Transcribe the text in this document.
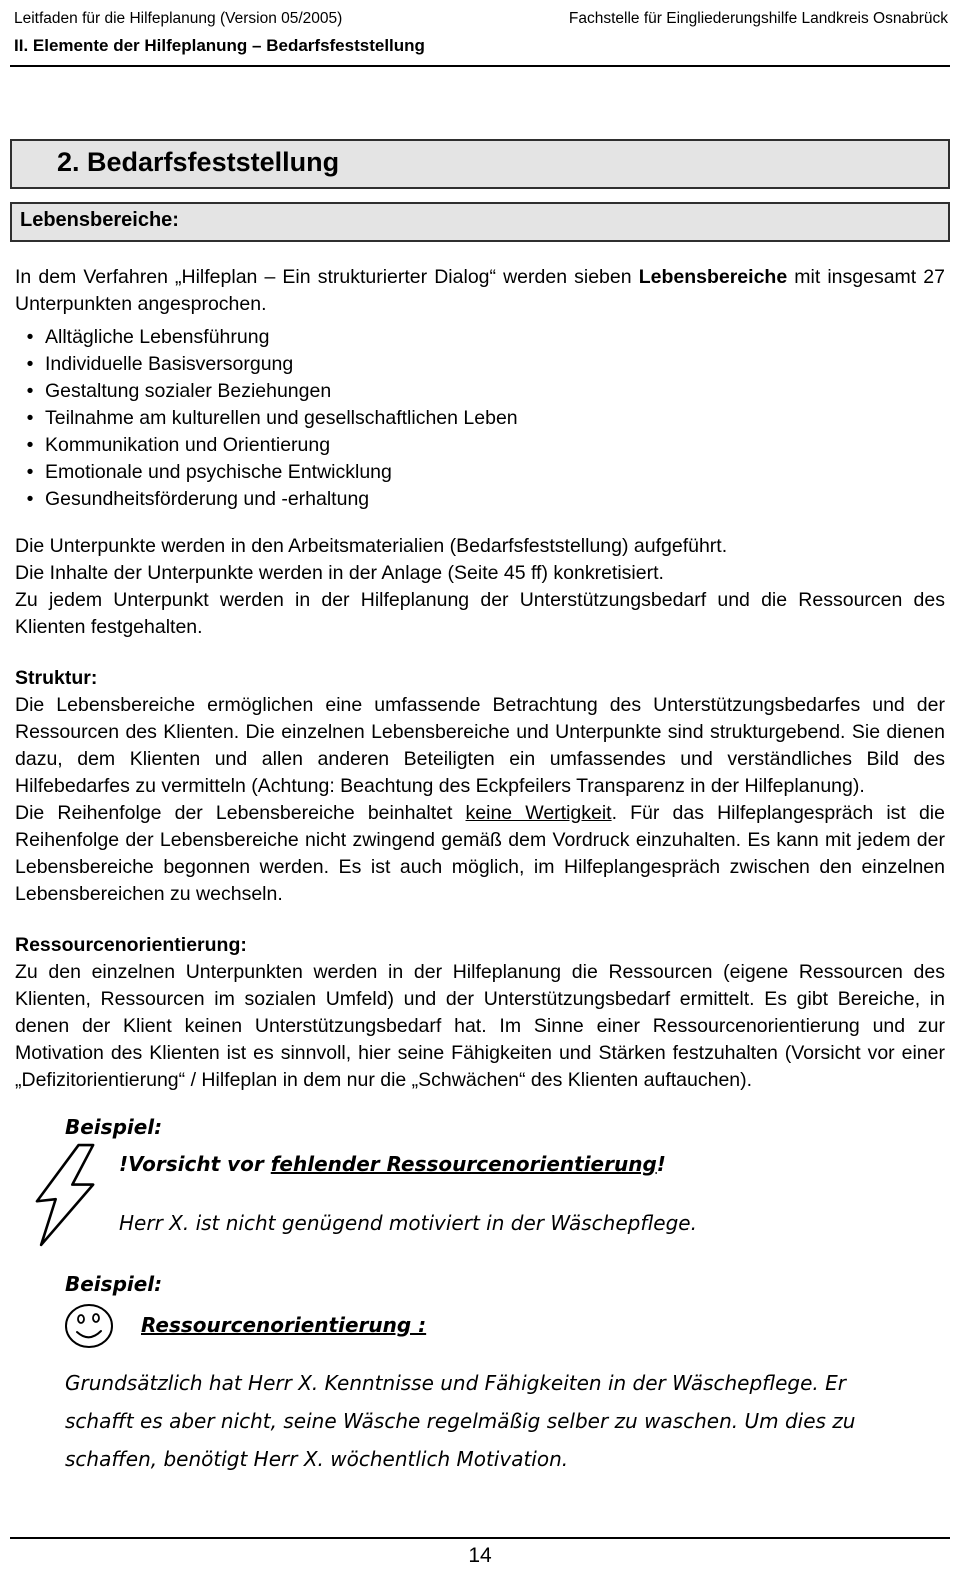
Leitfaden für die Hilfeplanung (Version 05/2005)	Fachstelle für Eingliederungshilfe Landkreis Osnabrück
II. Elemente der Hilfeplanung – Bedarfsfeststellung
2. Bedarfsfeststellung
Lebensbereiche:

In dem Verfahren „Hilfeplan – Ein strukturierter Dialog“ werden sieben Lebensbereiche mit insgesamt 27 Unterpunkten angesprochen.

• Alltägliche Lebensführung
• Individuelle Basisversorgung
• Gestaltung sozialer Beziehungen
• Teilnahme am kulturellen und gesellschaftlichen Leben
• Kommunikation und Orientierung
• Emotionale und psychische Entwicklung
• Gesundheitsförderung und -erhaltung
Die Unterpunkte werden in den Arbeitsmaterialien (Bedarfsfeststellung) aufgeführt.
Die Inhalte der Unterpunkte werden in der Anlage (Seite 45 ff) konkretisiert.
Zu jedem Unterpunkt werden in der Hilfeplanung der Unterstützungsbedarf und die Ressourcen des Klienten festgehalten.
Struktur:

Die Lebensbereiche ermöglichen eine umfassende Betrachtung des Unterstützungsbedarfes und der Ressourcen des Klienten. Die einzelnen Lebensbereiche und Unterpunkte sind strukturgebend. Sie dienen dazu, dem Klienten und allen anderen Beteiligten ein umfassendes und verständliches Bild des Hilfebedarfes zu vermitteln (Achtung: Beachtung des Eckpfeilers Transparenz in der Hilfeplanung).

Die Reihenfolge der Lebensbereiche beinhaltet keine Wertigkeit. Für das Hilfeplangespräch ist die Reihenfolge der Lebensbereiche nicht zwingend gemäß dem Vordruck einzuhalten. Es kann mit jedem der Lebensbereiche begonnen werden. Es ist auch möglich, im Hilfeplangespräch zwischen den einzelnen Lebensbereichen zu wechseln.

Ressourcenorientierung:

Zu den einzelnen Unterpunkten werden in der Hilfeplanung die Ressourcen (eigene Ressourcen des Klienten, Ressourcen im sozialen Umfeld) und der Unterstützungsbedarf ermittelt. Es gibt Bereiche, in denen der Klient keinen Unterstützungsbedarf hat. Im Sinne einer Ressourcenorientierung und zur Motivation des Klienten ist es sinnvoll, hier seine Fähigkeiten und Stärken festzuhalten (Vorsicht vor einer „Defizitorientierung“ / Hilfeplan in dem nur die „Schwächen“ des Klienten auftauchen).

Beispiel:
!Vorsicht vor fehlender Ressourcenorientierung!
Herr X. ist nicht genügend motiviert in der Wäschepflege.
Beispiel:
Ressourcenorientierung :
Grundsätzlich hat Herr X. Kenntnisse und Fähigkeiten in der Wäschepflege. Er schafft es aber nicht, seine Wäsche regelmäßig selber zu waschen. Um dies zu schaffen, benötigt Herr X. wöchentlich Motivation.
14
